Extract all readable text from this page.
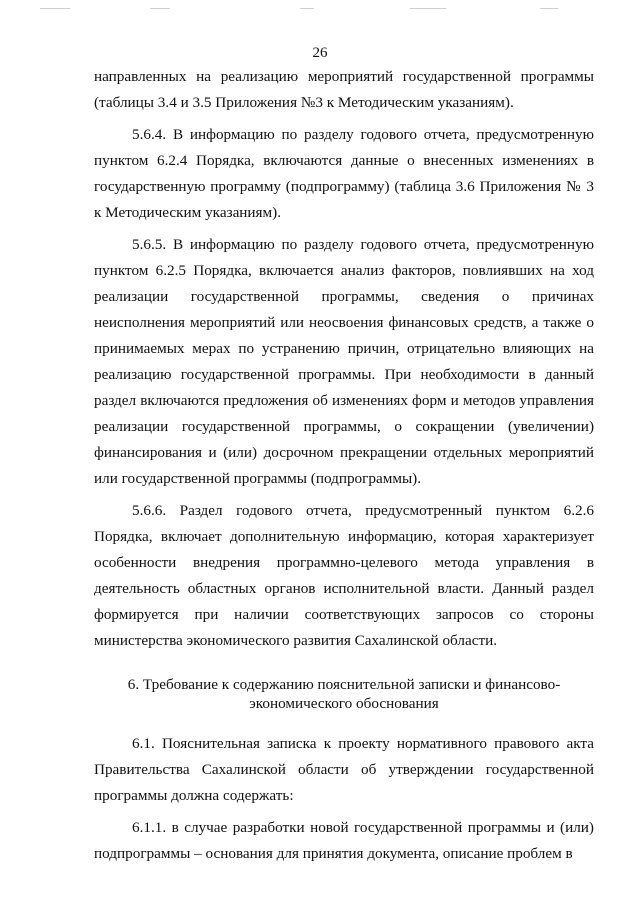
26

направленных на реализацию мероприятий государственной программы (таблицы 3.4 и 3.5 Приложения №3 к Методическим указаниям).

5.6.4. В информацию по разделу годового отчета, предусмотренную пунктом 6.2.4 Порядка, включаются данные о внесенных изменениях в государственную программу (подпрограмму) (таблица 3.6 Приложения № 3 к Методическим указаниям).

5.6.5. В информацию по разделу годового отчета, предусмотренную пунктом 6.2.5 Порядка, включается анализ факторов, повлиявших на ход реализации государственной программы, сведения о причинах неисполнения мероприятий или неосвоения финансовых средств, а также о принимаемых мерах по устранению причин, отрицательно влияющих на реализацию государственной программы. При необходимости в данный раздел включаются предложения об изменениях форм и методов управления реализации государственной программы, о сокращении (увеличении) финансирования и (или) досрочном прекращении отдельных мероприятий или государственной программы (подпрограммы).

5.6.6. Раздел годового отчета, предусмотренный пунктом 6.2.6 Порядка, включает дополнительную информацию, которая характеризует особенности внедрения программно-целевого метода управления в деятельность областных органов исполнительной власти. Данный раздел формируется при наличии соответствующих запросов со стороны министерства экономического развития Сахалинской области.

6. Требование к содержанию пояснительной записки и финансово-

экономического обоснования

6.1. Пояснительная записка к проекту нормативного правового акта Правительства Сахалинской области об утверждении государственной программы должна содержать:

6.1.1. в случае разработки новой государственной программы и (или) подпрограммы – основания для принятия документа, описание проблем в
